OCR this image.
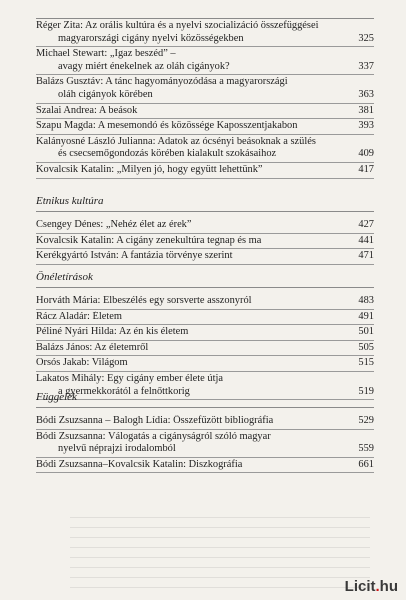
Réger Zita: Az orális kultúra és a nyelvi szocializáció összefüggései
magyarországi cigány nyelvi közösségekben	325
Michael Stewart: „Igaz beszéd” –
avagy miért énekelnek az oláh cigányok?	337
Balázs Gusztáv: A tánc hagyományozódása a magyarországi
oláh cigányok körében	363
Szalai Andrea: A beások	381
Szapu Magda: A mesemondó és közössége Kaposszentjakabon	393
Kalányosné László Julianna: Adatok az ócsényi beásoknak a szülés
és csecsemőgondozás körében kialakult szokásaihoz	409
Kovalcsik Katalin: „Milyen jó, hogy együtt lehettünk”	417
Etnikus kultúra
Csengey Dénes: „Nehéz élet az érek”	427
Kovalcsik Katalin: A cigány zenekultúra tegnap és ma	441
Kerékgyártó István: A fantázia törvénye szerint	471
Önéletírások
Horváth Mária: Elbeszélés egy sorsverte asszonyról	483
Rácz Aladár: Életem	491
Péliné Nyári Hilda: Az én kis életem	501
Balázs János: Az életemről	505
Orsós Jakab: Világom	515
Lakatos Mihály: Egy cigány ember élete útja
a gyermekkorától a felnőttkorig	519
Függelék
Bódi Zsuzsanna – Balogh Lídia: Összefűzött bibliográfia	529
Bódi Zsuzsanna: Válogatás a cigányságról szóló magyar
nyelvű néprajzi irodalomból	559
Bódi Zsuzsanna–Kovalcsik Katalin: Diszkográfia	661
Licit.hu
